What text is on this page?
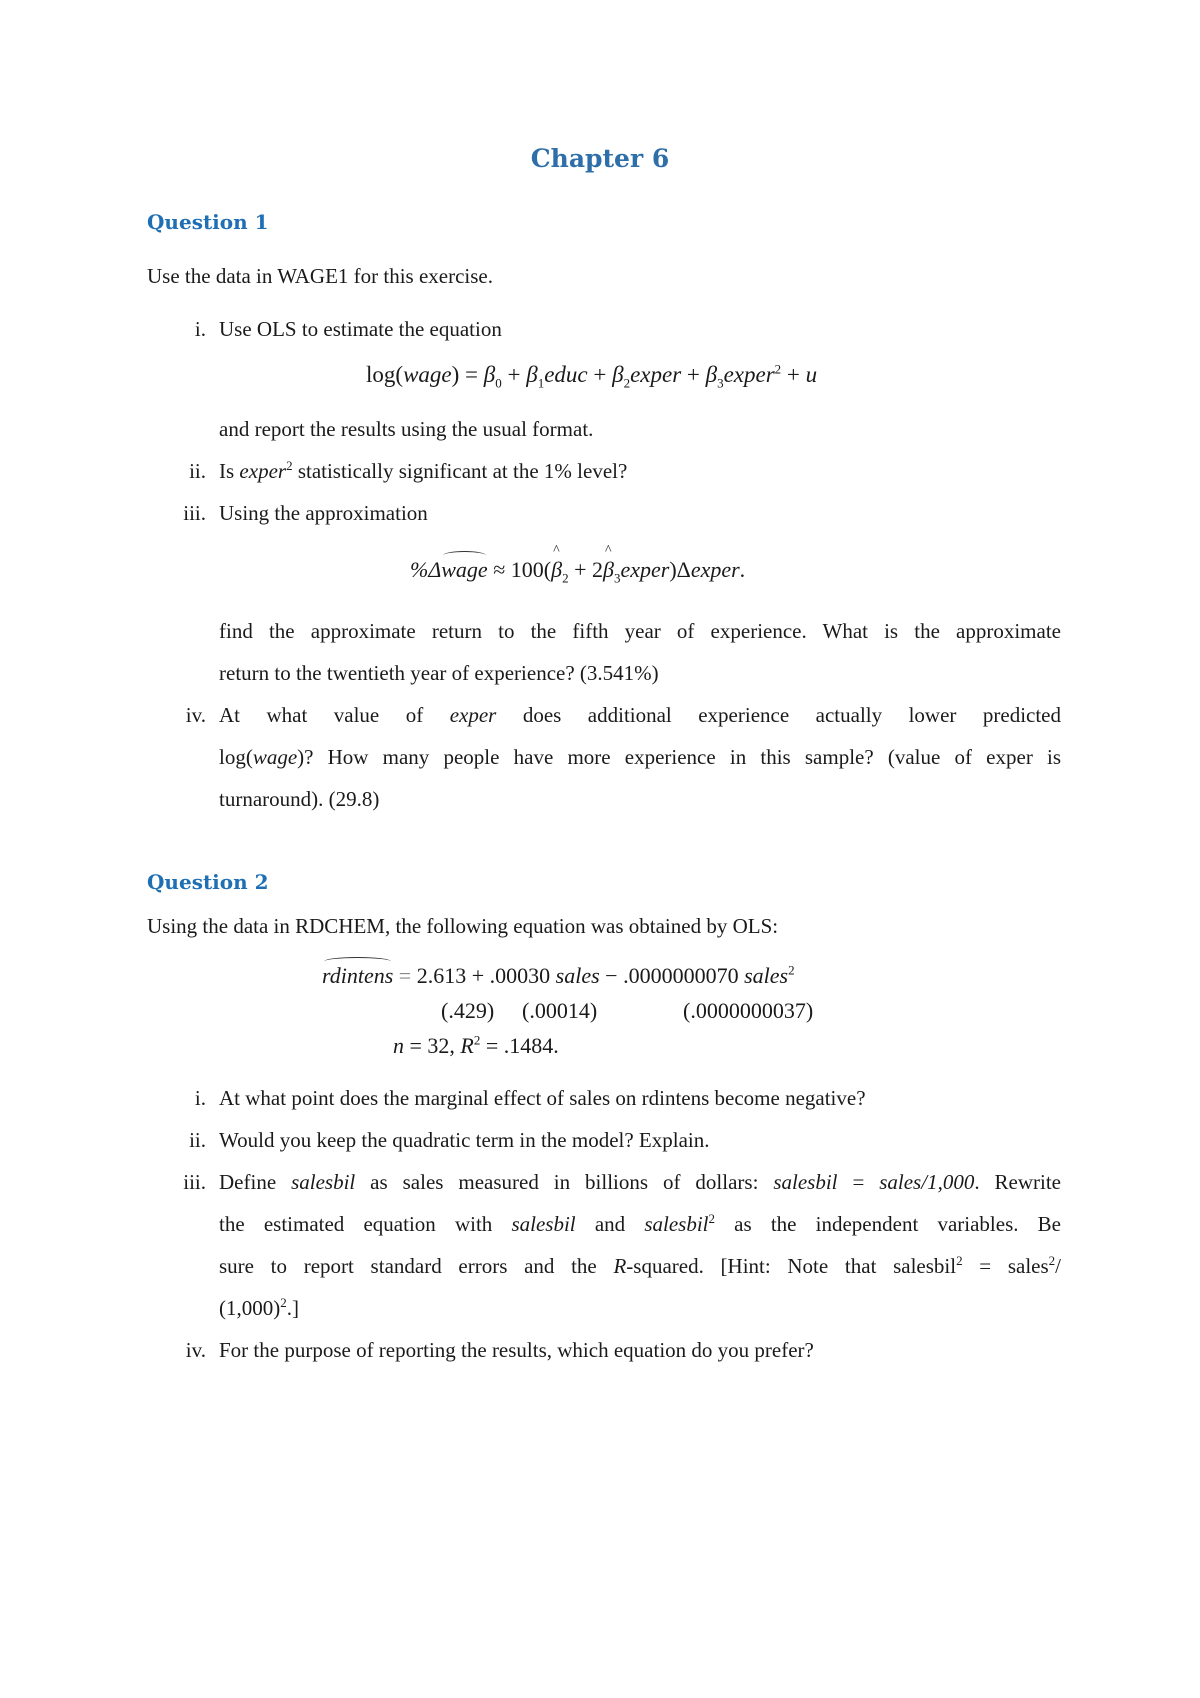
Chapter 6
Question 1
Use the data in WAGE1 for this exercise.
i. Use OLS to estimate the equation
log(wage) = $\beta_0$ + $\beta_1educ$ + $\beta_2exper$ + $\beta_3exper^2 + u$
and report the results using the usual format.
ii. Is exper$^2$ statistically significant at the 1% level?
iii. Using the approximation
%Δwage ≈ 100(^ $\beta_2$ + 2^ $\beta_3exper)\Delta exper$.
find the approximate return to the fifth year of experience. What is the approximate
return to the twentieth year of experience? (3.541%)
iv. At what value of exper does additional experience actually lower predicted
log(wage)? How many people have more experience in this sample? (value of exper is
turnaround). (29.8)
Question 2
Using the data in RDCHEM, the following equation was obtained by OLS:
rdintens = 2.613 + .00030 sales − .0000000070 sales$^2$
(.429) (.00014)	(.0000000037)
n = 32, $R^2 = .1484$.
i. At what point does the marginal effect of sales on rdintens become negative?
ii. Would you keep the quadratic term in the model? Explain.
iii. Define salesbil as sales measured in billions of dollars: salesbil = sales/1,000. Rewrite
the estimated equation with salesbil and salesbil$^2$ as the independent variables. Be
sure to report standard errors and the R-squared. [Hint: Note that salesbil$^2$ = sales$^2$/
$(1,000)^2$.]
iv. For the purpose of reporting the results, which equation do you prefer?
